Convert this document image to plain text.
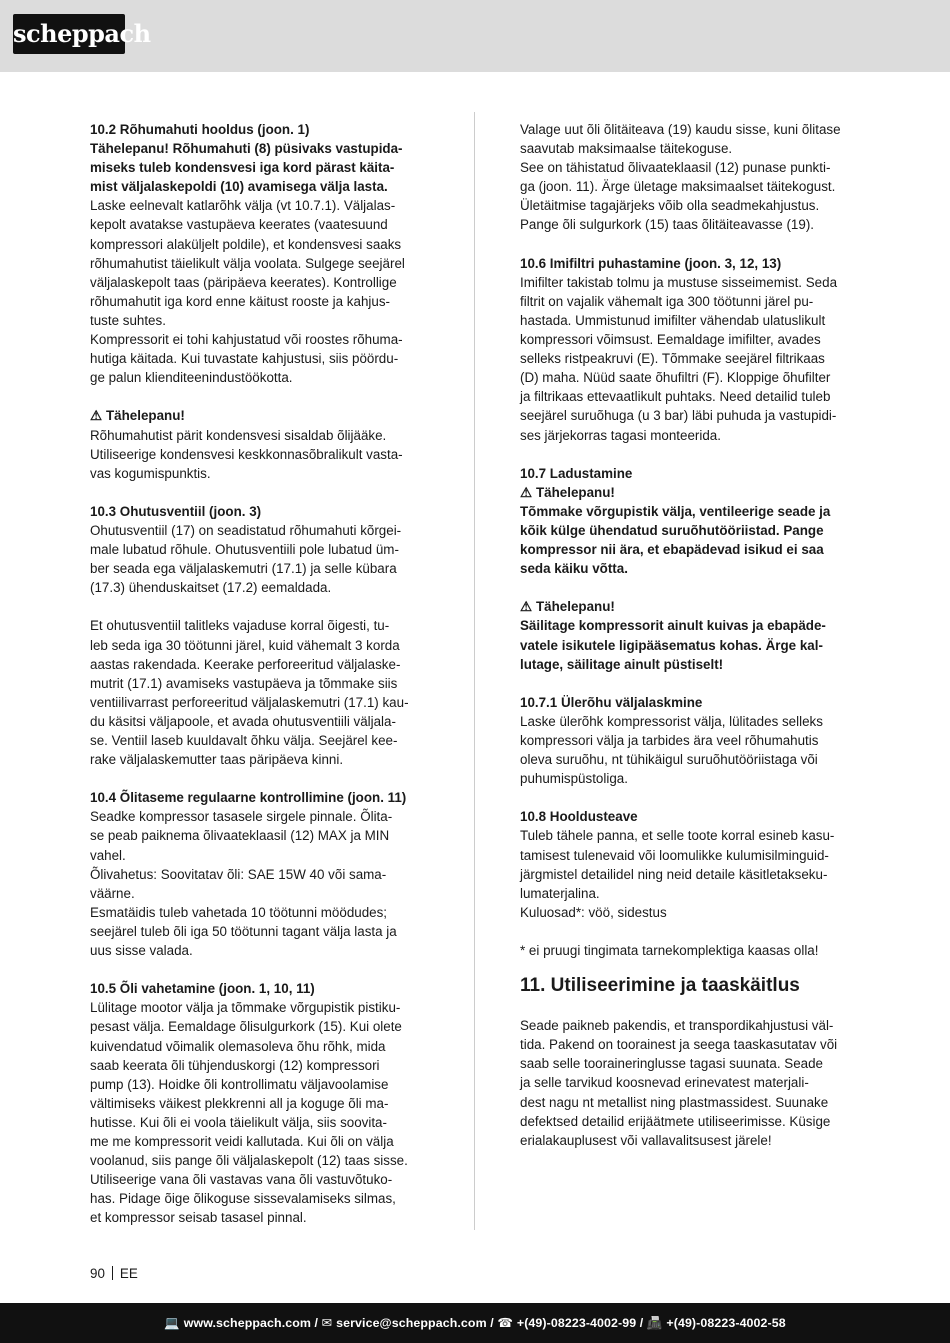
scheppach

10.2 Rõhumahuti hooldus (joon. 1)

Tähelepanu! Rõhumahuti (8) püsivaks vastupida-

miseks tuleb kondensvesi iga kord pärast käita-

mist väljalaskepoldi (10) avamisega välja lasta.

Laske eelnevalt katlarõhk välja (vt 10.7.1). Väljalas-

kepolt avatakse vastupäeva keerates (vaatesuund

kompressori alaküljelt poldile), et kondensvesi saaks

rõhumahutist täielikult välja voolata. Sulgege seejärel

väljalaskepolt taas (päripäeva keerates). Kontrollige

rõhumahutit iga kord enne käitust rooste ja kahjus-

tuste suhtes.

Kompressorit ei tohi kahjustatud või roostes rõhuma-

hutiga käitada. Kui tuvastate kahjustusi, siis pöördu-

ge palun klienditeenindustöökotta.

⚠ Tähelepanu!

Rõhumahutist pärit kondensvesi sisaldab õlijääke.

Utiliseerige kondensvesi keskkonnasõbralikult vasta-

vas kogumispunktis.

10.3 Ohutusventiil (joon. 3)

Ohutusventiil (17) on seadistatud rõhumahuti kõrgei-

male lubatud rõhule. Ohutusventiili pole lubatud üm-

ber seada ega väljalaskemutri (17.1) ja selle kübara

(17.3) ühenduskaitset (17.2) eemaldada.

Et ohutusventiil talitleks vajaduse korral õigesti, tu-

leb seda iga 30 töötunni järel, kuid vähemalt 3 korda

aastas rakendada. Keerake perforeeritud väljalaske-

mutrit (17.1) avamiseks vastupäeva ja tõmmake siis

ventiilivarrast perforeeritud väljalaskemutri (17.1) kau-

du käsitsi väljapoole, et avada ohutusventiili väljala-

se. Ventiil laseb kuuldavalt õhku välja. Seejärel kee-

rake väljalaskemutter taas päripäeva kinni.

10.4 Õlitaseme regulaarne kontrollimine (joon. 11)

Seadke kompressor tasasele sirgele pinnale. Õlita-

se peab paiknema õlivaateklaasil (12) MAX ja MIN

vahel.

Õlivahetus: Soovitatav õli: SAE 15W 40 või sama-

väärne.

Esmatäidis tuleb vahetada 10 töötunni möödudes;

seejärel tuleb õli iga 50 töötunni tagant välja lasta ja

uus sisse valada.

10.5 Õli vahetamine (joon. 1, 10, 11)

Lülitage mootor välja ja tõmmake võrgupistik pistiku-

pesast välja. Eemaldage õlisulgurkork (15). Kui olete

kuivendatud võimalik olemasoleva õhu rõhk, mida

saab keerata õli tühjenduskorgi (12) kompressori

pump (13). Hoidke õli kontrollimatu väljavoolamise

vältimiseks väikest plekkrenni all ja koguge õli ma-

hutisse. Kui õli ei voola täielikult välja, siis soovita-

me me kompressorit veidi kallutada. Kui õli on välja

voolanud, siis pange õli väljalaskepolt (12) taas sisse.

Utiliseerige vana õli vastavas vana õli vastuvõtuko-

has. Pidage õige õlikoguse sissevalamiseks silmas,

et kompressor seisab tasasel pinnal.

Valage uut õli õlitäiteava (19) kaudu sisse, kuni õlitase

saavutab maksimaalse täitekoguse.

See on tähistatud õlivaateklaasil (12) punase punkti-

ga (joon. 11). Ärge ületage maksimaalset täitekogust.

Ületäitmise tagajärjeks võib olla seadmekahjustus.

Pange õli sulgurkork (15) taas õlitäiteavasse (19).

10.6 Imifiltri puhastamine (joon. 3, 12, 13)

Imifilter takistab tolmu ja mustuse sisseimemist. Seda

filtrit on vajalik vähemalt iga 300 töötunni järel pu-

hastada. Ummistunud imifilter vähendab ulatuslikult

kompressori võimsust. Eemaldage imifilter, avades

selleks ristpeakruvi (E). Tõmmake seejärel filtrikaas

(D) maha. Nüüd saate õhufiltri (F). Kloppige õhufilter

ja filtrikaas ettevaatlikult puhtaks. Need detailid tuleb

seejärel suruõhuga (u 3 bar) läbi puhuda ja vastupidi-

ses järjekorras tagasi monteerida.

10.7 Ladustamine

⚠ Tähelepanu!

Tõmmake võrgupistik välja, ventileerige seade ja

kõik külge ühendatud suruõhutööriistad. Pange

kompressor nii ära, et ebapädevad isikud ei saa

seda käiku võtta.

⚠ Tähelepanu!

Säilitage kompressorit ainult kuivas ja ebapäde-

vatele isikutele ligipääsematus kohas. Ärge kal-

lutage, säilitage ainult püstiselt!

10.7.1 Ülerõhu väljalaskmine

Laske ülerõhk kompressorist välja, lülitades selleks

kompressori välja ja tarbides ära veel rõhumahutis

oleva suruõhu, nt tühikäigul suruõhutööriistaga või

puhumispüstoliga.

10.8 Hooldusteave

Tuleb tähele panna, et selle toote korral esineb kasu-

tamisest tulenevaid või loomulikke kulumisilminguid-

järgmistel detailidel ning neid detaile käsitletakseku-

lumaterjalina.

Kuluosad*: vöö, sidestus

* ei pruugi tingimata tarnekomplektiga kaasas olla!

11. Utiliseerimine ja taaskäitlus

Seade paikneb pakendis, et transpordikahjustusi väl-

tida. Pakend on toorainest ja seega taaskasutatav või

saab selle tooraineringlusse tagasi suunata. Seade

ja selle tarvikud koosnevad erinevatest materjali-

dest nagu nt metallist ning plastmassidest. Suunake

defektsed detailid erijäätmete utiliseerimisse. Küsige

erialakauplusest või vallavalitsusest järele!

90 EE
💻 www.scheppach.com / ✉ service@scheppach.com / ☎ +(49)-08223-4002-99 / 📠 +(49)-08223-4002-58
